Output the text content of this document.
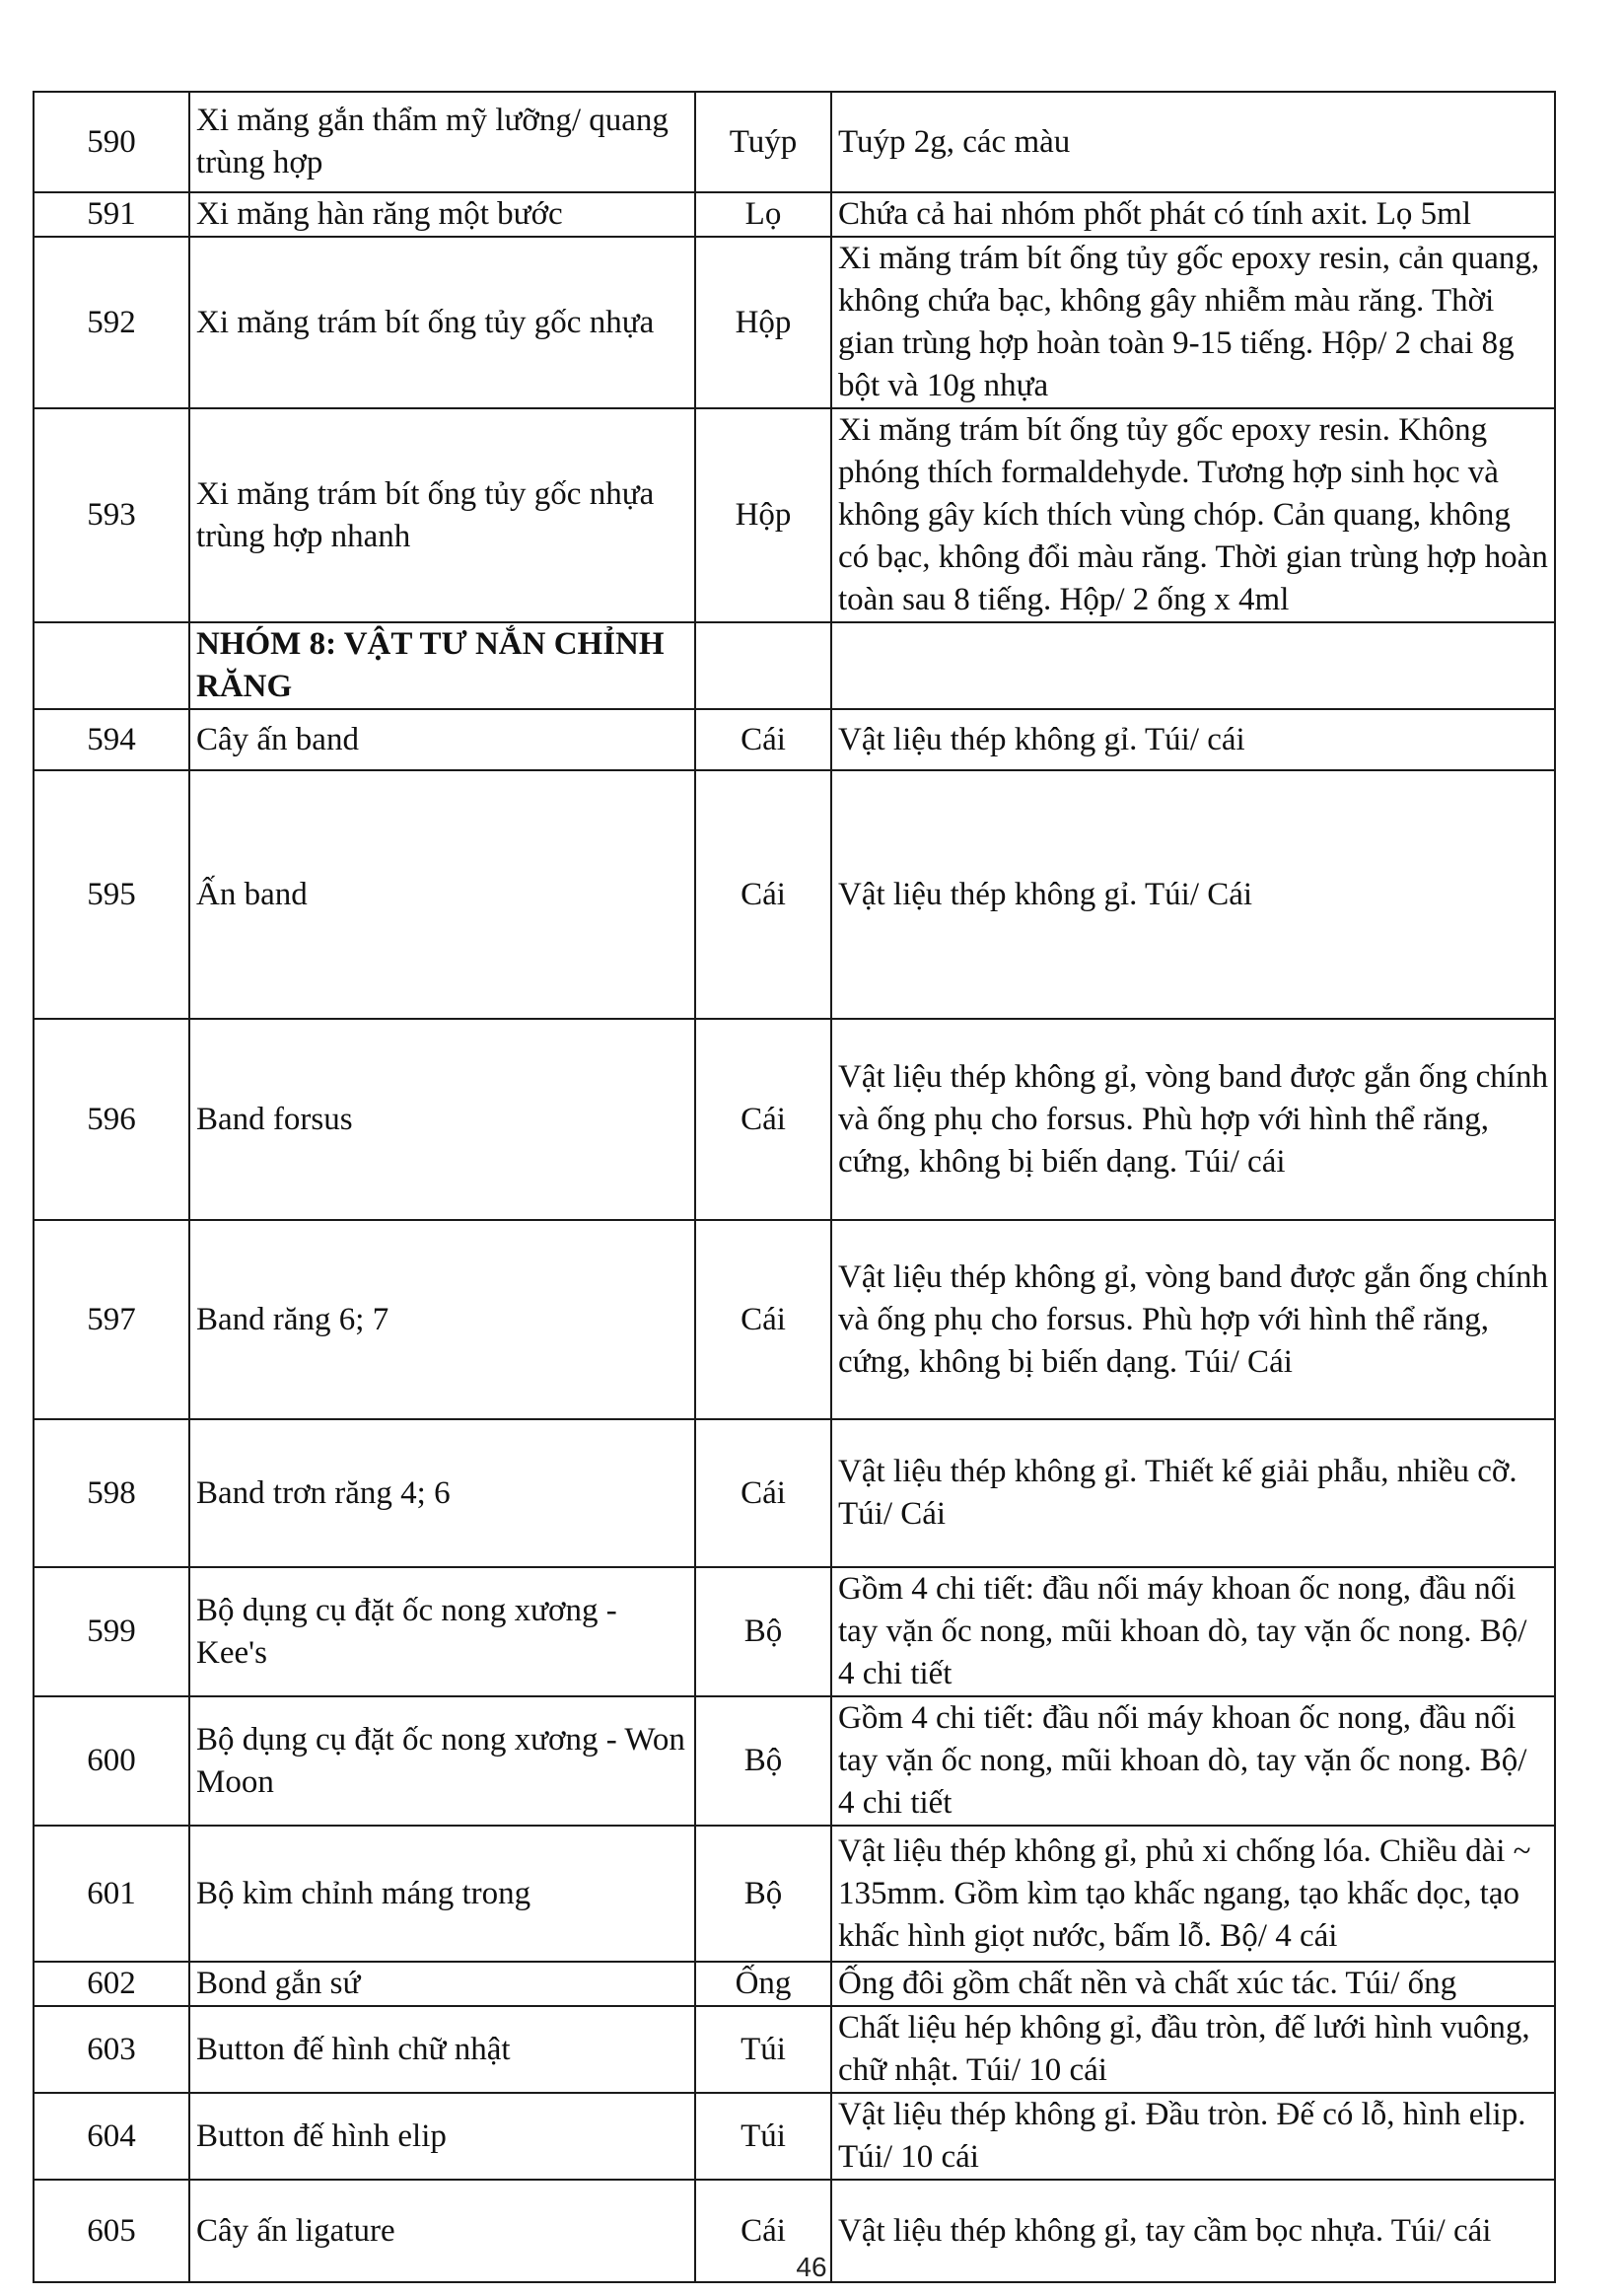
590	Xi măng gắn thẩm mỹ lưỡng/ quang trùng hợp	Tuýp	Tuýp 2g, các màu
591	Xi măng hàn răng một bước	Lọ	Chứa cả hai nhóm phốt phát có tính axit. Lọ 5ml
592	Xi măng trám bít ống tủy gốc nhựa	Hộp	Xi măng trám bít ống tủy gốc epoxy resin, cản quang, không chứa bạc, không gây nhiễm màu răng. Thời gian trùng hợp hoàn toàn 9-15 tiếng. Hộp/ 2 chai 8g bột và 10g nhựa
593	Xi măng trám bít ống tủy gốc nhựa trùng hợp nhanh	Hộp	Xi măng trám bít ống tủy gốc epoxy resin. Không phóng thích formaldehyde. Tương hợp sinh học và không gây kích thích vùng chóp. Cản quang, không có bạc, không đổi màu răng. Thời gian trùng hợp hoàn toàn sau 8 tiếng. Hộp/ 2 ống x 4ml
	NHÓM 8: VẬT TƯ NẮN CHỈNH RĂNG		
594	Cây ấn band	Cái	Vật liệu thép không gỉ. Túi/ cái
595	Ấn band	Cái	Vật liệu thép không gỉ. Túi/ Cái
596	Band forsus	Cái	Vật liệu thép không gỉ, vòng band được gắn ống chính và ống phụ cho forsus. Phù hợp với hình thể răng, cứng, không bị biến dạng. Túi/ cái
597	Band răng 6; 7	Cái	Vật liệu thép không gỉ, vòng band được gắn ống chính và ống phụ cho forsus. Phù hợp với hình thể răng, cứng, không bị biến dạng. Túi/ Cái
598	Band trơn răng 4; 6	Cái	Vật liệu thép không gỉ. Thiết kế giải phẫu, nhiều cỡ. Túi/ Cái
599	Bộ dụng cụ đặt ốc nong xương - Kee's	Bộ	Gồm 4 chi tiết: đầu nối máy khoan ốc nong, đầu nối tay vặn ốc nong, mũi khoan dò, tay vặn ốc nong. Bộ/ 4 chi tiết
600	Bộ dụng cụ đặt ốc nong xương - Won Moon	Bộ	Gồm 4 chi tiết: đầu nối máy khoan ốc nong, đầu nối tay vặn ốc nong, mũi khoan dò, tay vặn ốc nong. Bộ/ 4 chi tiết
601	Bộ kìm chỉnh máng trong	Bộ	Vật liệu thép không gỉ, phủ xi chống lóa. Chiều dài ~ 135mm. Gồm kìm tạo khấc ngang, tạo khấc dọc, tạo khấc hình giọt nước, bấm lỗ. Bộ/ 4 cái
602	Bond gắn sứ	Ống	Ống đôi gồm chất nền và chất xúc tác. Túi/ ống
603	Button đế hình chữ nhật	Túi	Chất liệu hép không gỉ, đầu tròn, đế lưới hình vuông, chữ nhật. Túi/ 10 cái
604	Button đế hình elip	Túi	Vật liệu thép không gỉ. Đầu tròn. Đế có lỗ, hình elip. Túi/ 10 cái
605	Cây ấn ligature	Cái	Vật liệu thép không gỉ, tay cầm bọc nhựa. Túi/ cái
46
